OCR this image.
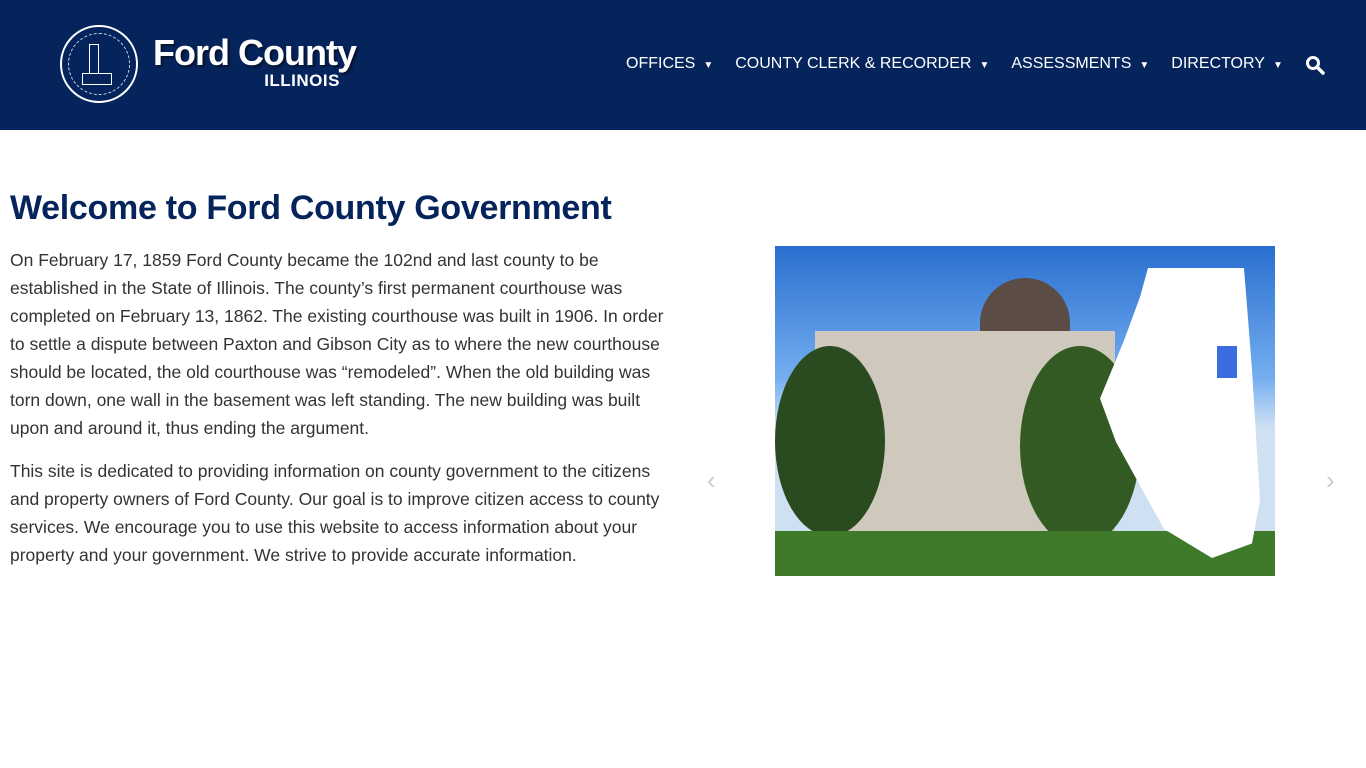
Ford County
ILLINOIS
OFFICES ▼ COUNTY CLERK & RECORDER ▼ ASSESSMENTS ▼ DIRECTORY ▼
Welcome to Ford County Government

On February 17, 1859 Ford County became the 102nd and last county to be established in the State of Illinois. The county’s first permanent courthouse was completed on February 13, 1862. The existing courthouse was built in 1906. In order to settle a dispute between Paxton and Gibson City as to where the new courthouse should be located, the old courthouse was “remodeled”. When the old building was torn down, one wall in the basement was left standing. The new building was built upon and around it, thus ending the argument.

This site is dedicated to providing information on county government to the citizens and property owners of Ford County. Our goal is to improve citizen access to county services. We encourage you to use this website to access information about your property and your government. We strive to provide accurate information.

‹	›
